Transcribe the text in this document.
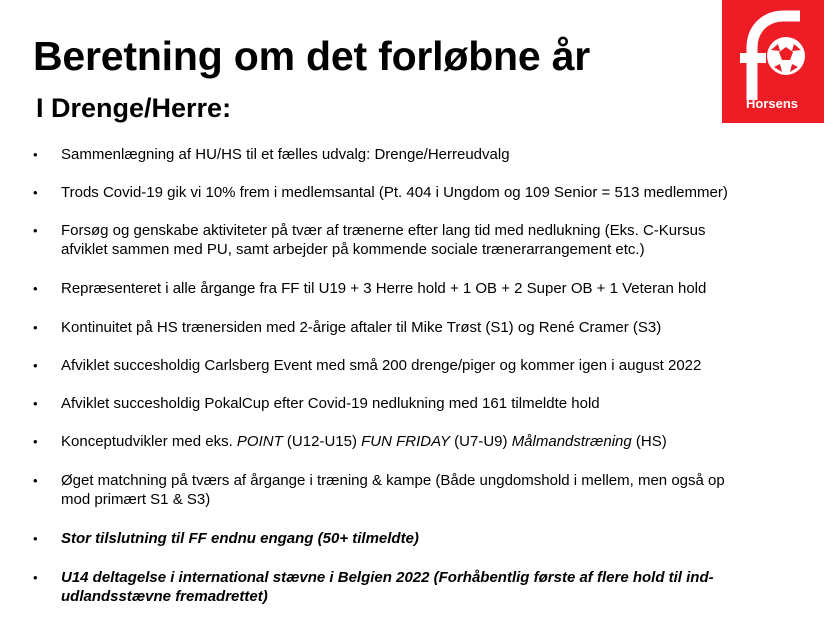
Beretning om det forløbne år
I Drenge/Herre:	Horsens
• Sammenlægning af HU/HS til et fælles udvalg: Drenge/Herreudvalg
• Trods Covid-19 gik vi 10% frem i medlemsantal (Pt. 404 i Ungdom og 109 Senior = 513 medlemmer)
• Forsøg og genskabe aktiviteter på tvær af trænerne efter lang tid med nedlukning (Eks. C-Kursus
afviklet sammen med PU, samt arbejder på kommende sociale trænerarrangement etc.)
• Repræsenteret i alle årgange fra FF til U19 + 3 Herre hold + 1 OB + 2 Super OB + 1 Veteran hold
• Kontinuitet på HS trænersiden med 2-årige aftaler til Mike Trøst (S1) og René Cramer (S3)
• Afviklet succesholdig Carlsberg Event med små 200 drenge/piger og kommer igen i august 2022
• Afviklet succesholdig PokalCup efter Covid-19 nedlukning med 161 tilmeldte hold
• Konceptudvikler med eks. POINT (U12-U15) FUN FRIDAY (U7-U9) Målmandstræning (HS)
• Øget matchning på tværs af årgange i træning & kampe (Både ungdomshold i mellem, men også op
mod primært S1 & S3)
• Stor tilslutning til FF endnu engang (50+ tilmeldte)
• U14 deltagelse i international stævne i Belgien 2022 (Forhåbentlig første af flere hold til ind-
udlandsstævne fremadrettet)
